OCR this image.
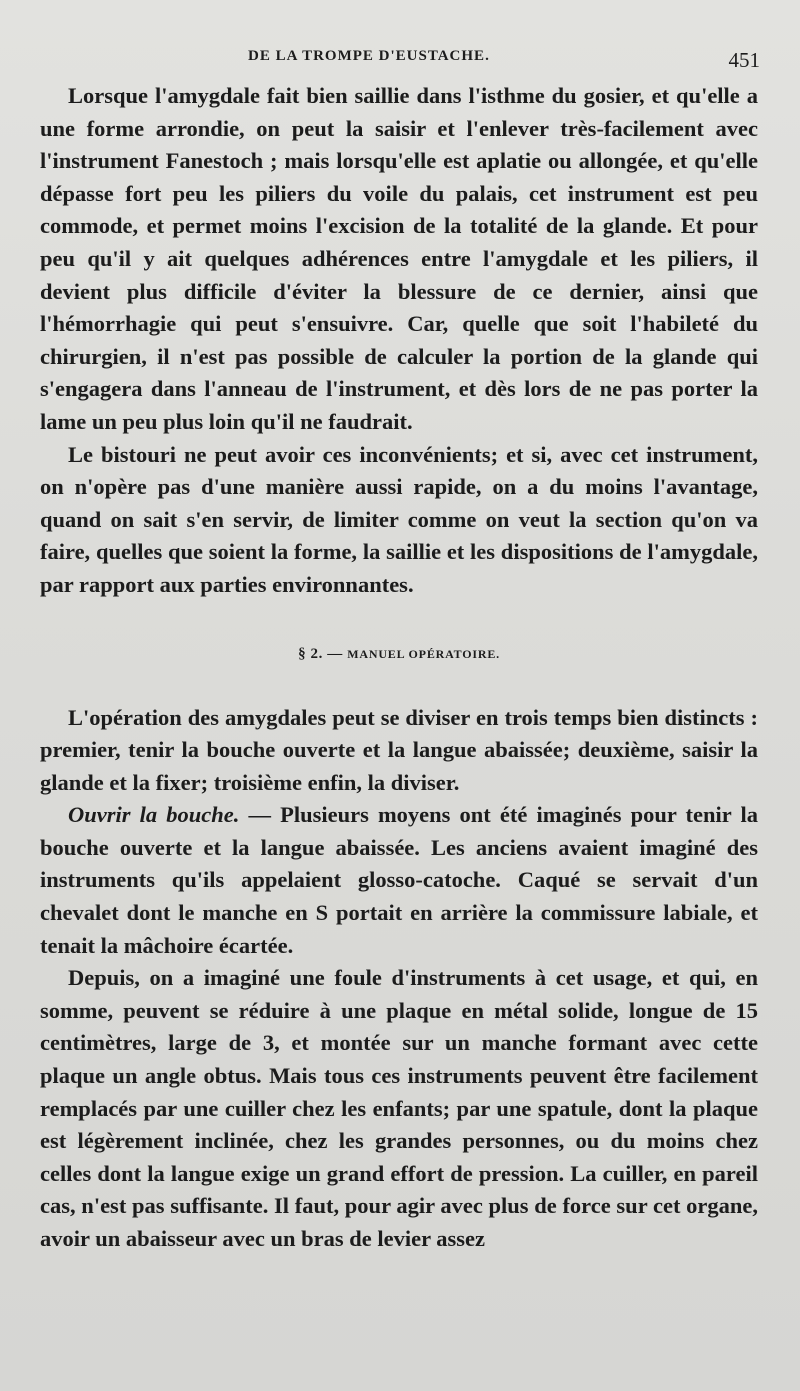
DE LA TROMPE D'EUSTACHE.	451

Lorsque l'amygdale fait bien saillie dans l'isthme du gosier, et qu'elle a une forme arrondie, on peut la saisir et l'enlever très-facilement avec l'instrument Fanestoch ; mais lorsqu'elle est aplatie ou allongée, et qu'elle dépasse fort peu les piliers du voile du palais, cet instrument est peu commode, et permet moins l'excision de la totalité de la glande. Et pour peu qu'il y ait quelques adhérences entre l'amygdale et les piliers, il devient plus difficile d'éviter la blessure de ce dernier, ainsi que l'hémorrhagie qui peut s'ensuivre. Car, quelle que soit l'habileté du chirurgien, il n'est pas possible de calculer la portion de la glande qui s'engagera dans l'anneau de l'instrument, et dès lors de ne pas porter la lame un peu plus loin qu'il ne faudrait.

Le bistouri ne peut avoir ces inconvénients; et si, avec cet instrument, on n'opère pas d'une manière aussi rapide, on a du moins l'avantage, quand on sait s'en servir, de limiter comme on veut la section qu'on va faire, quelles que soient la forme, la saillie et les dispositions de l'amygdale, par rapport aux parties environnantes.

§ 2. — MANUEL OPÉRATOIRE.

L'opération des amygdales peut se diviser en trois temps bien distincts : premier, tenir la bouche ouverte et la langue abaissée; deuxième, saisir la glande et la fixer; troisième enfin, la diviser.

Ouvrir la bouche. — Plusieurs moyens ont été imaginés pour tenir la bouche ouverte et la langue abaissée. Les anciens avaient imaginé des instruments qu'ils appelaient glosso-catoche. Caqué se servait d'un chevalet dont le manche en S portait en arrière la commissure labiale, et tenait la mâchoire écartée.

Depuis, on a imaginé une foule d'instruments à cet usage, et qui, en somme, peuvent se réduire à une plaque en métal solide, longue de 15 centimètres, large de 3, et montée sur un manche formant avec cette plaque un angle obtus. Mais tous ces instruments peuvent être facilement remplacés par une cuiller chez les enfants; par une spatule, dont la plaque est légèrement inclinée, chez les grandes personnes, ou du moins chez celles dont la langue exige un grand effort de pression. La cuiller, en pareil cas, n'est pas suffisante. Il faut, pour agir avec plus de force sur cet organe, avoir un abaisseur avec un bras de levier assez
